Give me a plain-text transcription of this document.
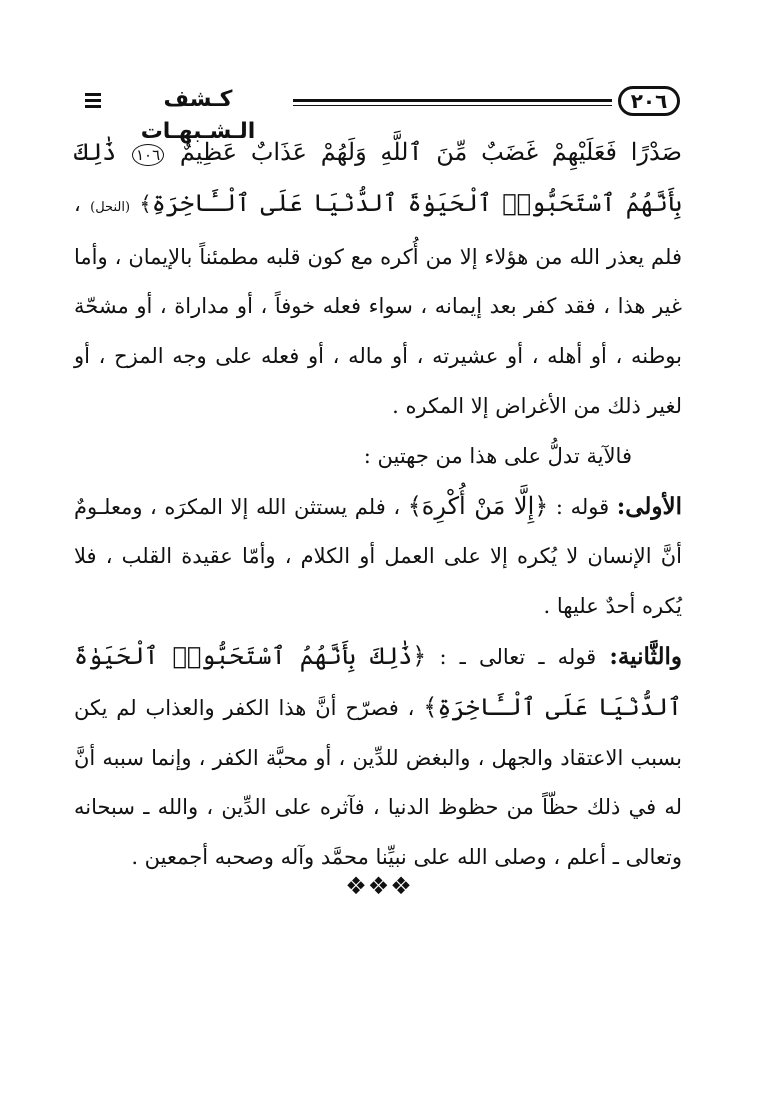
كـشف الـشـبهـات
٢٠٦

صَدْرًا فَعَلَيْهِمْ غَضَبٌ مِّنَ ٱللَّهِ وَلَهُمْ عَذَابٌ عَظِيمٌ ١٠٦ ذَٰلِكَ بِأَنَّهُمُ ٱسْتَحَبُّوا۟ ٱلْحَيَوٰةَ ٱلدُّنْيَا عَلَى ٱلْـَٔاخِرَةِ﴾ (النحل) ، فلم يعذر الله من هؤلاء إلا من أُكره مع كون قلبه مطمئناً بالإيمان ، وأما غير هذا ، فقد كفر بعد إيمانه ، سواء فعله خوفاً ، أو مداراة ، أو مشحّة بوطنه ، أو أهله ، أو عشيرته ، أو ماله ، أو فعله على وجه المزح ، أو لغير ذلك من الأغراض إلا المكره .

فالآية تدلُّ على هذا من جهتين :

الأولى: قوله : ﴿إِلَّا مَنْ أُكْرِهَ﴾ ، فلم يستثن الله إلا المكرَه ، ومعلـومٌ أنَّ الإنسان لا يُكره إلا على العمل أو الكلام ، وأمّا عقيدة القلب ، فلا يُكره أحدٌ عليها .

والثَّانية: قوله ـ تعالى ـ : ﴿ذَٰلِكَ بِأَنَّهُمُ ٱسْتَحَبُّوا۟ ٱلْحَيَوٰةَ ٱلدُّنْيَا عَلَى ٱلْـَٔاخِرَةِ﴾ ، فصرّح أنَّ هذا الكفر والعذاب لم يكن بسبب الاعتقاد والجهل ، والبغض للدِّين ، أو محبَّة الكفر ، وإنما سببه أنَّ له في ذلك حظّاً من حظوظ الدنيا ، فآثره على الدِّين ، والله ـ سبحانه وتعالى ـ أعلم ، وصلى الله على نبيِّنا محمَّد وآله وصحبه أجمعين .

❖❖❖
